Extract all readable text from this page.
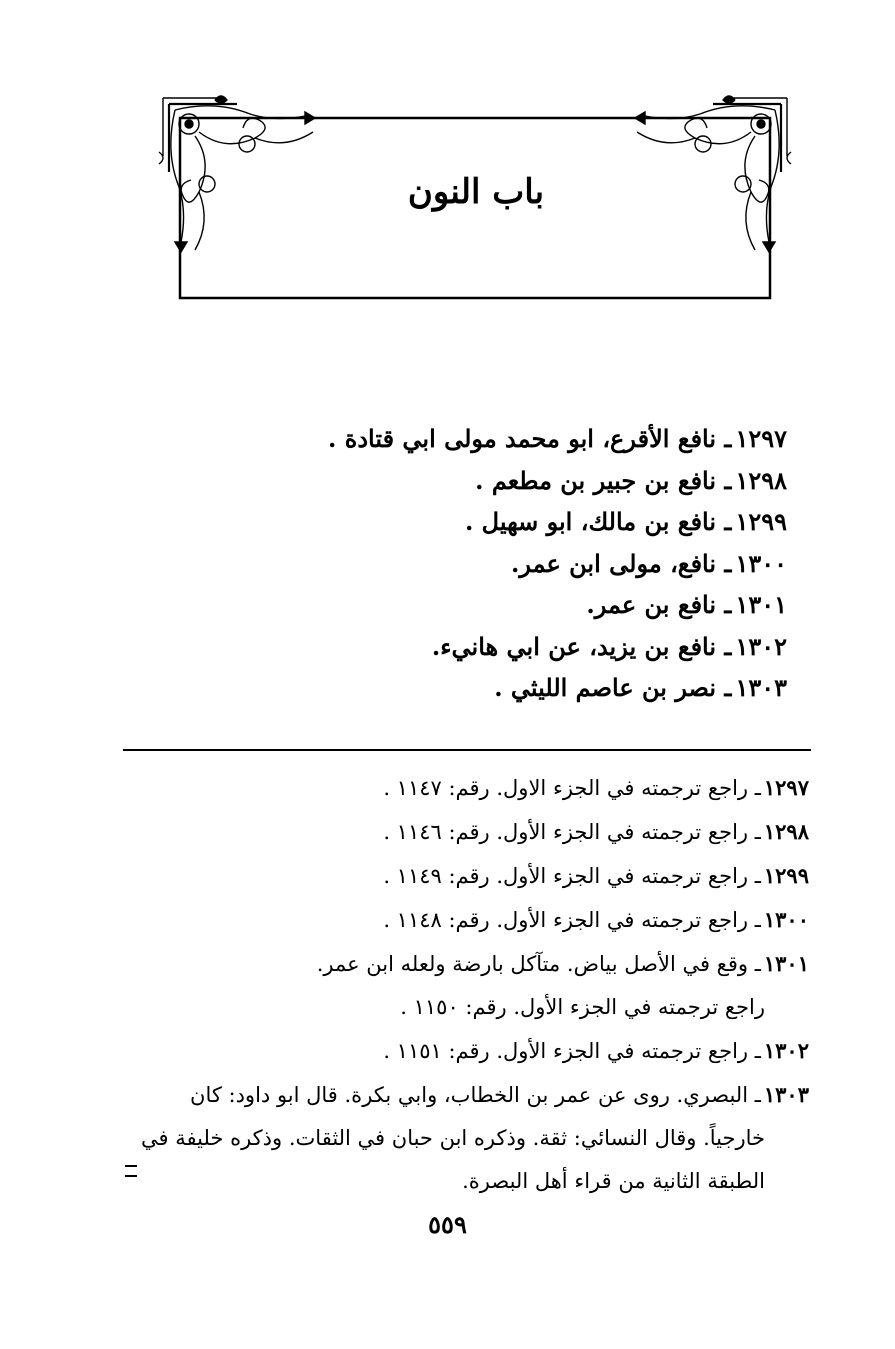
باب النون
١٢٩٧ـ نافع الأقرع، ابو محمد مولى ابي قتادة .
١٢٩٨ـ نافع بن جبير بن مطعم .
١٢٩٩ـ نافع بن مالك، ابو سهيل .
١٣٠٠ـ نافع، مولى ابن عمر.
١٣٠١ـ نافع بن عمر.
١٣٠٢ـ نافع بن يزيد، عن ابي هانيء.
١٣٠٣ـ نصر بن عاصم الليثي .
١٢٩٧ـ راجع ترجمته في الجزء الاول. رقم: ١١٤٧ .
١٢٩٨ـ راجع ترجمته في الجزء الأول. رقم: ١١٤٦ .
١٢٩٩ـ راجع ترجمته في الجزء الأول. رقم: ١١٤٩ .
١٣٠٠ـ راجع ترجمته في الجزء الأول. رقم: ١١٤٨ .
١٣٠١ـ وقع في الأصل بياض. متآكل بارضة ولعله ابن عمر.
راجع ترجمته في الجزء الأول. رقم: ١١٥٠ .
١٣٠٢ـ راجع ترجمته في الجزء الأول. رقم: ١١٥١ .
١٣٠٣ـ البصري. روى عن عمر بن الخطاب، وابي بكرة. قال ابو داود: كان
خارجياً. وقال النسائي: ثقة. وذكره ابن حبان في الثقات. وذكره خليفة في
الطبقة الثانية من قراء أهل البصرة.
٥٥٩
